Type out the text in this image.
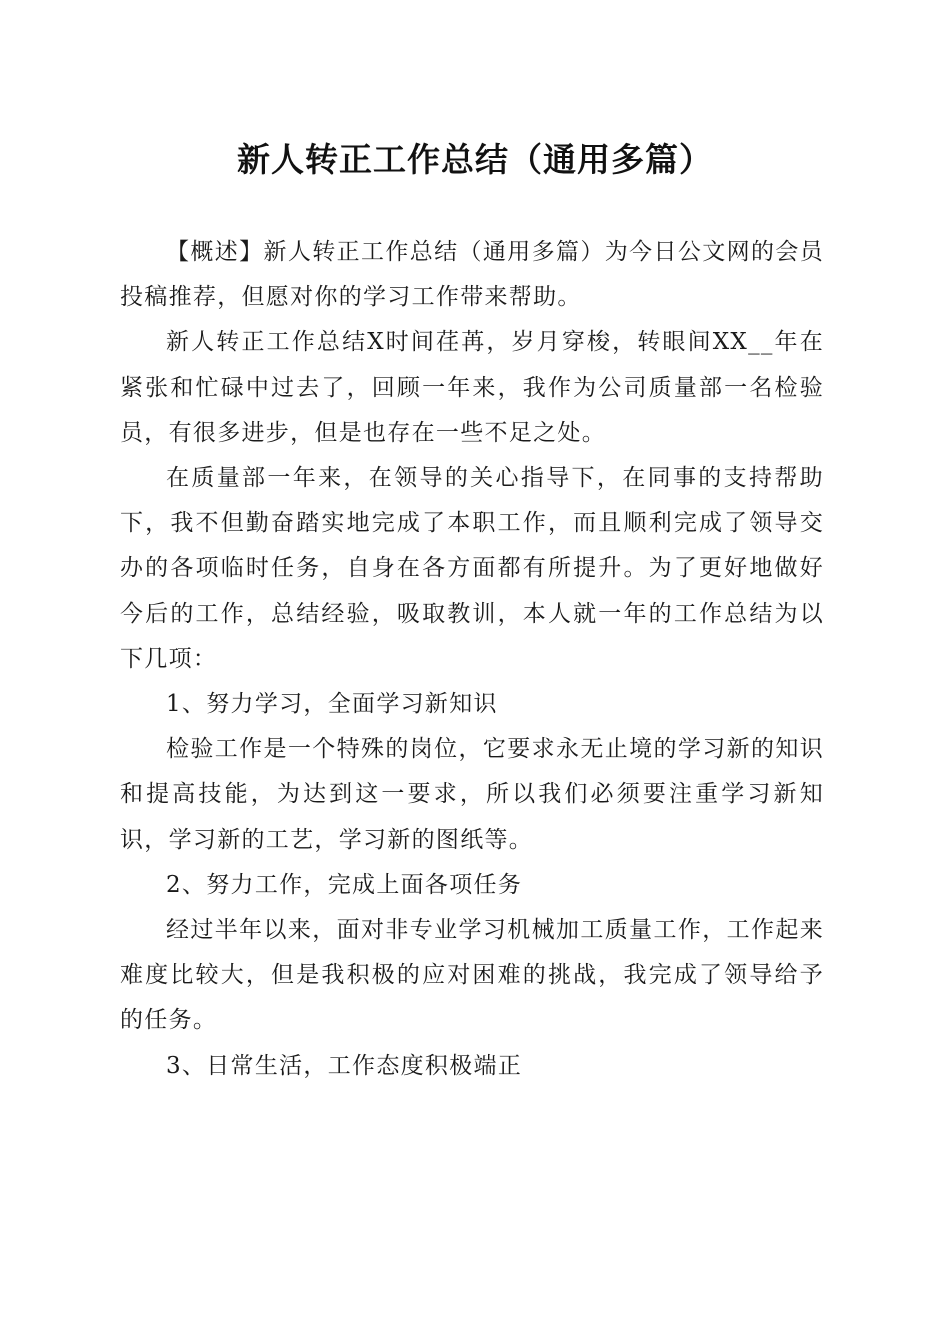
新人转正工作总结（通用多篇）

【概述】新人转正工作总结（通用多篇）为今日公文网的会员投稿推荐，但愿对你的学习工作带来帮助。

新人转正工作总结X时间荏苒，岁月穿梭，转眼间XX__年在紧张和忙碌中过去了，回顾一年来，我作为公司质量部一名检验员，有很多进步，但是也存在一些不足之处。

在质量部一年来，在领导的关心指导下，在同事的支持帮助下，我不但勤奋踏实地完成了本职工作，而且顺利完成了领导交办的各项临时任务，自身在各方面都有所提升。为了更好地做好今后的工作，总结经验，吸取教训，本人就一年的工作总结为以下几项：

1、努力学习，全面学习新知识

检验工作是一个特殊的岗位，它要求永无止境的学习新的知识和提高技能，为达到这一要求，所以我们必须要注重学习新知识，学习新的工艺，学习新的图纸等。

2、努力工作，完成上面各项任务

经过半年以来，面对非专业学习机械加工质量工作，工作起来难度比较大，但是我积极的应对困难的挑战，我完成了领导给予的任务。

3、日常生活，工作态度积极端正
